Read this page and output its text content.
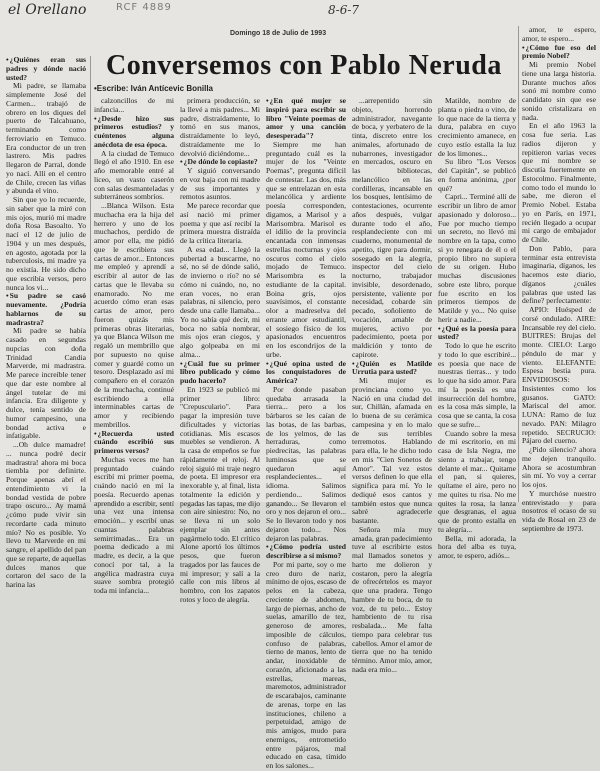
el Orellano	RCF 4889	8-6-7
Domingo 18 de Julio de 1993
Conversemos con Pablo Neruda
•Escribe: Iván Antícevic Bonilla

• ¿Quiénes eran sus padres y dónde nació usted?

Mi padre, se llamaba simplemente José del Carmen... trabajó de obrero en los diques del puerto de Talcahuano, terminando como ferroviario en Temuco. Era conductor de un tren lastrero. Mis padres llegaron de Parral, donde yo nací. Allí en el centro de Chile, crecen las viñas y abunda el vino.

Sin que yo lo recuerde, sin saber que la miré con mis ojos, murió mi madre doña Rosa Basoalto. Yo nací el 12 de julio de 1904 y un mes después, en agosto, agotada por la tuberculosis, mi madre ya no existía. He sido dicho que escribía versos, pero nunca los vi...

• Su padre se casó nuevamente. ¿Podría hablarnos de su madrastra?

Mi padre se había casado en segundas nupcias con doña Trinidad Candia Marverde, mi madrastra. Me parece increíble tener que dar este nombre al ángel tutelar de mi infancia. Era diligente y dulce, tenía sentido de humor campesino, una bondad activa e infatigable.

...Oh dulce mamadre! ... nunca podré decir madrastra! ahora mi boca tiembla por definirte. Porque apenas abrí el entendimiento vi la bondad vestida de pobre trapo oscuro... Ay mamá ¿cómo pude vivir sin recordarte cada minuto mío? No es posible. Yo llevo tu Marverde en mi sangre, el apellido del pan que se reparte, de aquellas dulces manos que cortaron del saco de la harina las

calzoncillos de mi infancia...

• ¿Desde hizo sus primeros estudios? y cuéntenos alguna anécdota de esa época.

A la ciudad de Temuco llegó el año 1910. En ese año memorable entré al liceo, un vasto caserón con salas desmanteladas y subterráneos sombríos.

...Blanca Wilson. Esta muchacha era la hija del herrero y uno de los muchachos, perdido de amor por ella, me pidió que le escribiera sus cartas de amor... Entonces me empleó y aprendí a escribir al autor de las cartas que le llevaba su enamorado. No me acuerdo cómo eran esas cartas de amor, pero fueron quizás mis primeras obras literarias, ya que Blanca Wilson me regaló un membrillo que por supuesto no quise comer y guardé como un tesoro. Desplazado así mi compañero en el corazón de la muchacha, continué escribiendo a ella interminables cartas de amor y recibiendo membrillos.

• ¿Recuerda usted cuándo escribió sus primeros versos?

Muchas veces me han preguntado cuándo escribí mi primer poema, cuándo nació en mí la poesía. Recuerdo apenas aprendido a escribir, sentí una vez una intensa emoción... y escribí unas cuantas palabras semirrimadas... Era un poema dedicado a mi madre, es decir, a la que conocí por tal, a la angélica madrastra cuya suave sombra protegió toda mi infancia...

primera producción, se la llevé a mis padres... Mi padre, distraídamente, lo tomó en sus manos, distraídamente lo leyó, distraídamente me lo devolvió diciéndome...

• ¿De dónde lo copiaste?

Y siguió conversando en voz baja con mi madre de sus importantes y remotos asuntos.

Me parece recordar que así nació mi primer poema y que así recibí la primera muestra distraída de la crítica literaria.

A esa edad... Llegó la pubertad a buscarme, no sé, no sé de dónde salió, de invierno o río? no sé cómo ni cuándo, no, no eran voces, no eran palabras, ni silencio, pero desde una calle llamaba... Yo no sabía qué decir, mi boca no sabía nombrar, mis ojos eran ciegos, y algo golpeaba en mi alma...

• ¿Cuál fue su primer libro publicado y cómo pudo hacerlo?

En 1923 se publicó mi primer libro: "Crepusculario". Para pagar la impresión tuve dificultades y victorias cotidianas. Mis escasos muebles se vendieron. A la casa de empeños se fue rápidamente el reloj. Al reloj siguió mi traje negro de poeta. El impresor era inexorable y, al final, lista totalmente la edición y pegadas las tapas, me dijo con aire siniestro: No, no se lleva ni un solo ejemplar sin antes pagármelo todo. El crítico Alone aportó los últimos pesos, que fueron tragados por las fauces de mi impresor; y salí a la calle con mis libros al hombro, con los zapatos rotos y loco de alegría.

• ¿En qué mujer se inspiró para escribir su libro "Veinte poemas de amor y una canción desesperada"?

Siempre me han preguntado cuál es la mujer de los "Veinte Poemas", pregunta difícil de contestar. Las dos, más que se entrelazan en esta melancólica y ardiente poesía corresponden, digamos, a Marisol y a Marisombra. Marisol es el idilio de la provincia encantada con inmensas estrellas nocturnas y ojos oscuros como el cielo mojado de Temuco. Marisombra es la estudiante de la capital. Boina gris, ojos suavísimos, el constante olor a madreselva del errante amor estudiantil, el sosiego físico de los apasionados encuentros en los escondrijos de la urbe.

• ¿Qué opina usted de los conquistadores de América?

Por donde pasaban quedaba arrasada la tierra... pero a los bárbaros se les caían de las botas, de las barbas, de los yelmos, de las herraduras, como piedrecitas, las palabras luminosas que se quedaron aquí resplandecientes... el idioma. Salimos perdiendo... Salimos ganando... Se llevaron el oro y nos dejaron el oro... Se lo llevaron todo y nos dejaron todo... Nos dejaron las palabras.

• ¿Cómo podría usted describirse a sí mismo?

Por mi parte, soy o me creo duro de nariz, mínimo de ojos, escaso de pelos en la cabeza, creciente de abdomen, largo de piernas, ancho de suelas, amarillo de tez, generoso de amores, imposible de cálculos, confuso de palabras, tierno de manos, lento de andar, inoxidable de corazón, aficionado a las estrellas, mareas, maremotos, administrador de escarabajos, caminante de arenas, torpe en las instituciones, chileno a perpetuidad, amigo de mis amigos, mudo para enemigos, entrometido entre pájaros, mal educado en casa, tímido en los salones...

...arrepentido sin objeto, horrendo administrador, navegante de boca, y yerbatero de la tinta, discreto entre los animales, afortunado de nubarrones, investigador en mercados, oscuro en las bibliotecas, melancólico en las cordilleras, incansable en los bosques, lentísimo de contestaciones, ocurrente años después, vulgar durante todo el año, resplandeciente con mi cuaderno, monumental de apetito, tigre para dormir, sosegado en la alegría, inspector del cielo nocturno, trabajador invisible, desordenado, persistente, valiente por necesidad, cobarde sin pecado, soñoliento de vocación, amable de mujeres, activo por padecimiento, poeta por maldición y tonto de capirote.

• ¿Quién es Matilde Urrutia para usted?

Mi mujer es provinciana como yo. Nació en una ciudad del sur, Chillán, afamada en lo buena de su cerámica campesina y en lo malo de sus terribles terremotos. Hablando para ella, le he dicho todo en mis "Cien Sonetos de Amor". Tal vez estos versos definen lo que ella significa para mí. Yo le dediqué esos cantos y también estos que nunca sabré agradecerle bastante.

Señora mía muy amada, gran padecimiento tuve al escribirte estos mal llamados sonetos y harto me dolieron y costaron, pero la alegría de ofrecértelos es mayor que una pradera. Tengo hambre de tu boca, de tu voz, de tu pelo... Estoy hambriento de tu risa resbalada... Me falta tiempo para celebrar tus cabellos. Amor el amor de tierra que no ha tenido término. Amor mío, amor, nada era mío...

Matilde, nombre de planta o piedra o vino, de lo que nace de la tierra y dura, palabra en cuyo crecimiento amanece, en cuyo estío estalla la luz de los limones...

Su libro "Los Versos del Capitán", se publicó en forma anónima, ¿por qué?

Capri... Terminé allí de escribir un libro de amor apasionado y doloroso... Fue por mucho tiempo un secreto, no llevó mi nombre en la tapa, como si yo renegara de él o el propio libro no supiera de su origen. Hubo muchas discusiones sobre este libro, porque fue escrito en los primeros tiempos de Matilde y yo... No quise herir a nadie...

• ¿Qué es la poesía para usted?

Todo lo que he escrito y todo lo que escribiré... es poesía que nace de nuestras tierras... y todo lo que ha sido amor. Para mí la poesía es una insurrección del hombre, es la cosa más simple, la cosa que se canta, la cosa que se sufre...

Cuando sobre la mesa de mi escritorio, en mi casa de Isla Negra, me siento a trabajar, tengo delante el mar... Quitame el pan, si quieres, quítame el aire, pero no me quites tu risa. No me quites la rosa, la lanza que desgranas, el agua que de pronto estalla en tu alegría...

Bella, mi adorada, la hora del alba es tuya, amor, te espero, adiós...

amor, te espero, amor, te espero...

• ¿Cómo fue eso del premio Nobel?

Mi premio Nobel tiene una larga historia. Durante muchos años sonó mi nombre como candidato sin que ese sonido cristalizara en nada.

En el año 1963 la cosa fue seria. Las radios dijeron y repitieron varias veces que mi nombre se discutía fuertemente en Estocolmo. Finalmente, como todo el mundo lo sabe, me dieron el Premio Nobel. Estaba yo en París, en 1971, recién llegado a ocupar mi cargo de embajador de Chile.

Don Pablo, para terminar esta entrevista imaginaria, díganos, les hacemos este diario, díganos ¿cuáles palabras que usted las define? perfectamente:

APIO: Huésped de corsé ondulado. AIRE: Incansable rey del cielo. BUITRES: Brujas del monte. CIELO: Largo péndulo de mar y viento. ELEFANTE: Espesa bestia pura. ENVIDIOSOS: Insistentes como los gusanos. GATO: Mariscal del amor. LUNA: Ramo de luz nevado. PAN: Milagro repetido. SECRUCIO: Pájaro del cuerno.

¿Pido silencio? ahora me dejen tranquilo. Ahora se acostumbran sin mí. Yo voy a cerrar los ojos.

Y murchóse nuestro entrevistado y para nosotros el ocaso de su vida de Rosal en 23 de septiembre de 1973.
